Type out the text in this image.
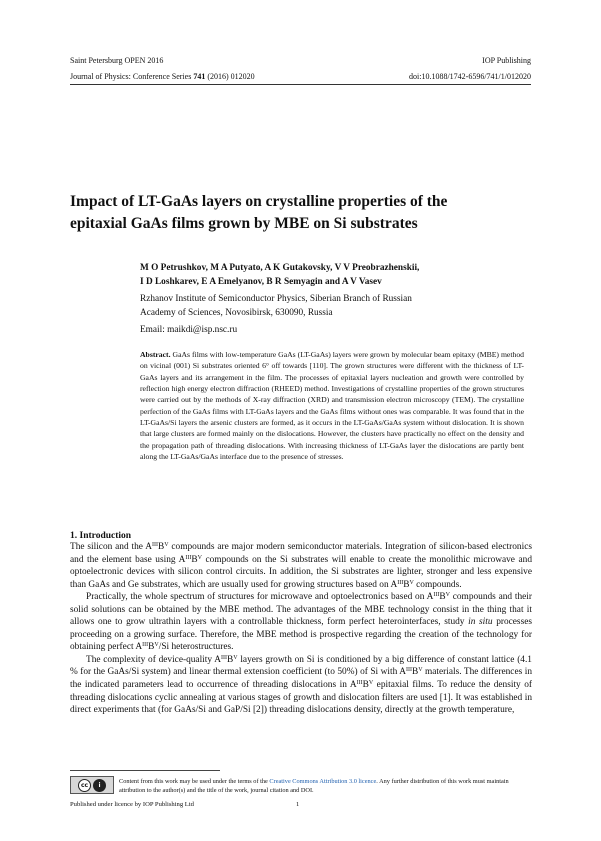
Saint Petersburg OPEN 2016	IOP Publishing
Journal of Physics: Conference Series 741 (2016) 012020	doi:10.1088/1742-6596/741/1/012020
Impact of LT-GaAs layers on crystalline properties of the
epitaxial GaAs films grown by MBE on Si substrates
M O Petrushkov, M A Putyato, A K Gutakovsky, V V Preobrazhenskii,
I D Loshkarev, E A Emelyanov, B R Semyagin and A V Vasev
Rzhanov Institute of Semiconductor Physics, Siberian Branch of Russian
Academy of Sciences, Novosibirsk, 630090, Russia
Email: maikdi@isp.nsc.ru

Abstract. GaAs films with low-temperature GaAs (LT-GaAs) layers were grown by molecular beam epitaxy (MBE) method on vicinal (001) Si substrates oriented 6° off towards [110]. The grown structures were different with the thickness of LT-GaAs layers and its arrangement in the film. The processes of epitaxial layers nucleation and growth were controlled by reflection high energy electron diffraction (RHEED) method. Investigations of crystalline properties of the grown structures were carried out by the methods of X-ray diffraction (XRD) and transmission electron microscopy (TEM). The crystalline perfection of the GaAs films with LT-GaAs layers and the GaAs films without ones was comparable. It was found that in the LT-GaAs/Si layers the arsenic clusters are formed, as it occurs in the LT-GaAs/GaAs system without dislocation. It is shown that large clusters are formed mainly on the dislocations. However, the clusters have practically no effect on the density and the propagation path of threading dislocations. With increasing thickness of LT-GaAs layer the dislocations are partly bent along the LT-GaAs/GaAs interface due to the presence of stresses.

1. Introduction

The silicon and the $A^{III}B^V$ compounds are major modern semiconductor materials. Integration of silicon-based electronics and the element base using $A^{III}B^V$ compounds on the Si substrates will enable to create the monolithic microwave and optoelectronic devices with silicon control circuits. In addition, the Si substrates are lighter, stronger and less expensive than GaAs and Ge substrates, which are usually used for growing structures based on $A^{III}B^V$ compounds.

Practically, the whole spectrum of structures for microwave and optoelectronics based on $A^{III}B^V$ compounds and their solid solutions can be obtained by the MBE method. The advantages of the MBE technology consist in the thing that it allows one to grow ultrathin layers with a controllable thickness, form perfect heterointerfaces, study in situ processes proceeding on a growing surface. Therefore, the MBE method is prospective regarding the creation of the technology for obtaining perfect $A^{III}B^V/Si$ heterostructures.

The complexity of device-quality $A^{III}B^V$ layers growth on Si is conditioned by a big difference of constant lattice (4.1 % for the GaAs/Si system) and linear thermal extension coefficient (to 50%) of Si with $A^{III}B^V$ materials. The differences in the indicated parameters lead to occurrence of threading dislocations in $A^{III}B^V$ epitaxial films. To reduce the density of threading dislocations cyclic annealing at various stages of growth and dislocation filters are used [1]. It was established in direct experiments that (for GaAs/Si and GaP/Si [2]) threading dislocations density, directly at the growth temperature,

cc	i	Content from this work may be used under the terms of the Creative Commons Attribution 3.0 licence. Any further distribution of this work must maintain attribution to the author(s) and the title of the work, journal citation and DOI.
Published under licence by IOP Publishing Ltd	1
